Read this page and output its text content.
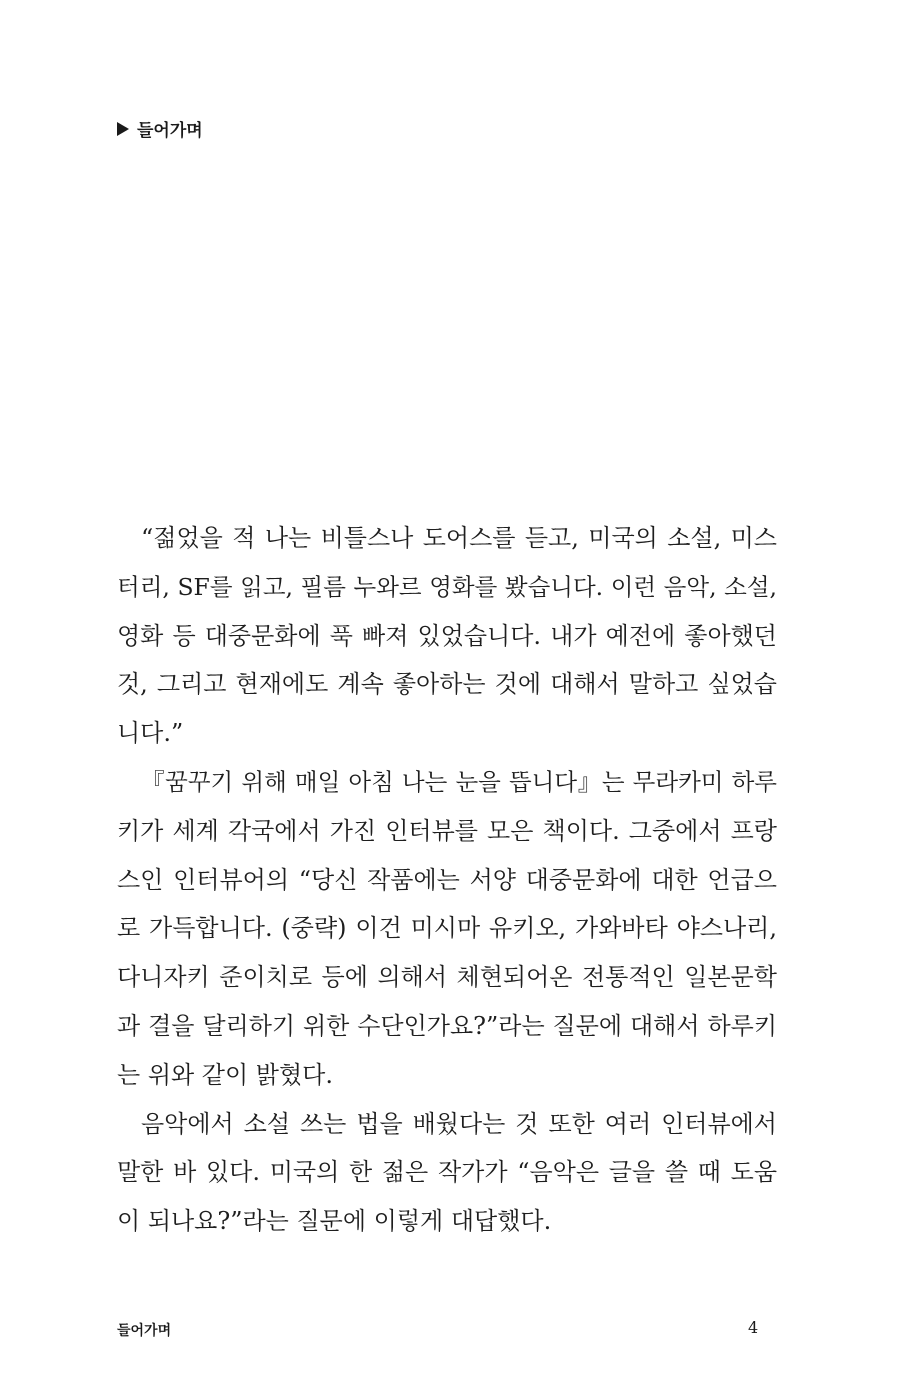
들어가며
“젊었을 적 나는 비틀스나 도어스를 듣고, 미국의 소설, 미스
터리, SF를 읽고, 필름 누와르 영화를 봤습니다. 이런 음악, 소설,
영화 등 대중문화에 푹 빠져 있었습니다. 내가 예전에 좋아했던
것, 그리고 현재에도 계속 좋아하는 것에 대해서 말하고 싶었습
니다.”
『꿈꾸기 위해 매일 아침 나는 눈을 뜹니다』는 무라카미 하루
키가 세계 각국에서 가진 인터뷰를 모은 책이다. 그중에서 프랑
스인 인터뷰어의 “당신 작품에는 서양 대중문화에 대한 언급으
로 가득합니다. (중략) 이건 미시마 유키오, 가와바타 야스나리,
다니자키 준이치로 등에 의해서 체현되어온 전통적인 일본문학
과 결을 달리하기 위한 수단인가요?”라는 질문에 대해서 하루키
는 위와 같이 밝혔다.
음악에서 소설 쓰는 법을 배웠다는 것 또한 여러 인터뷰에서
말한 바 있다. 미국의 한 젊은 작가가 “음악은 글을 쓸 때 도움
이 되나요?”라는 질문에 이렇게 대답했다.
들어가며	4
